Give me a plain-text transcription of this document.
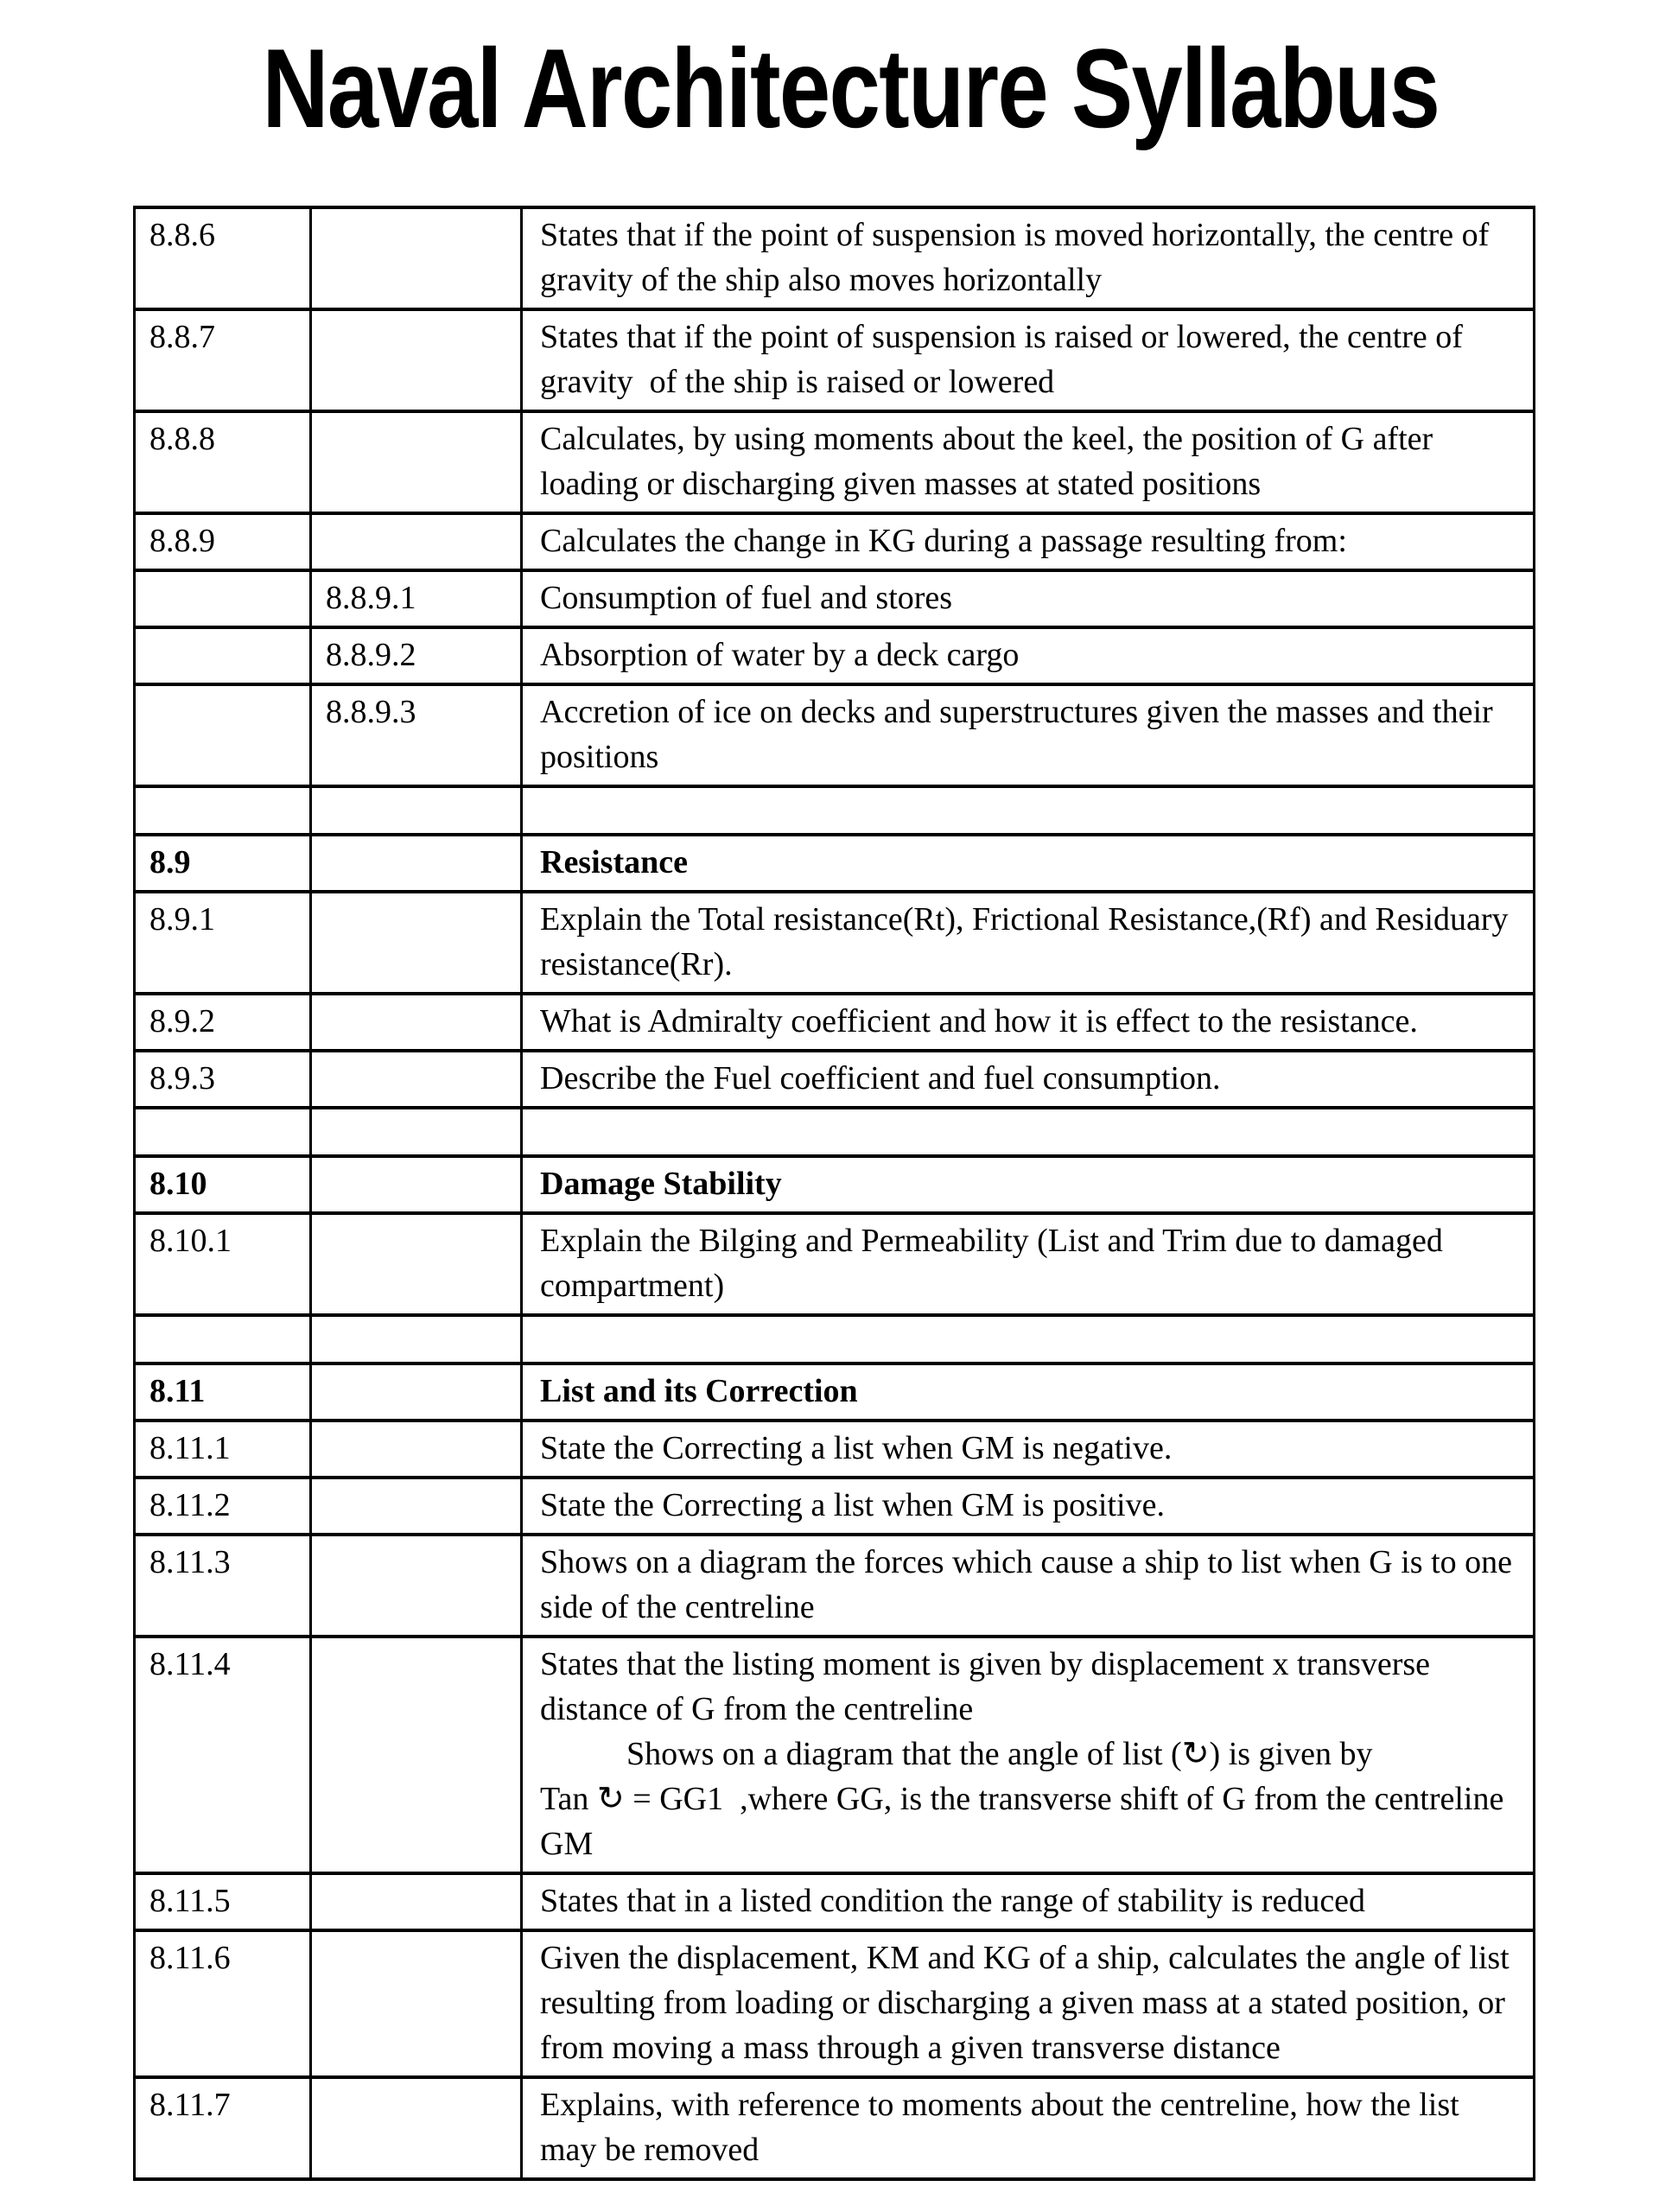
Naval Architecture Syllabus
8.8.6		States that if the point of suspension is moved horizontally, the centre of gravity of the ship also moves horizontally
8.8.7		States that if the point of suspension is raised or lowered, the centre of gravity  of the ship is raised or lowered
8.8.8		Calculates, by using moments about the keel, the position of G after loading or discharging given masses at stated positions
8.8.9		Calculates the change in KG during a passage resulting from:
	8.8.9.1	Consumption of fuel and stores
	8.8.9.2	Absorption of water by a deck cargo
	8.8.9.3	Accretion of ice on decks and superstructures given the masses and their positions

8.9		Resistance
8.9.1		Explain the Total resistance(Rt), Frictional Resistance,(Rf) and Residuary resistance(Rr).
8.9.2		What is Admiralty coefficient and how it is effect to the resistance.
8.9.3		Describe the Fuel coefficient and fuel consumption.

8.10		Damage Stability
8.10.1		Explain the Bilging and Permeability (List and Trim due to damaged compartment)

8.11		List and its Correction
8.11.1		State the Correcting a list when GM is negative.
8.11.2		State the Correcting a list when GM is positive.
8.11.3		Shows on a diagram the forces which cause a ship to list when G is to one side of the centreline
8.11.4		States that the listing moment is given by displacement x transverse distance of G from the centreline
Shows on a diagram that the angle of list (↻) is given by
Tan ↻ = GG1  ,where GG, is the transverse shift of G from the centreline GM

8.11.5		States that in a listed condition the range of stability is reduced
8.11.6		Given the displacement, KM and KG of a ship, calculates the angle of list resulting from loading or discharging a given mass at a stated position, or from moving a mass through a given transverse distance
8.11.7		Explains, with reference to moments about the centreline, how the list may be removed
